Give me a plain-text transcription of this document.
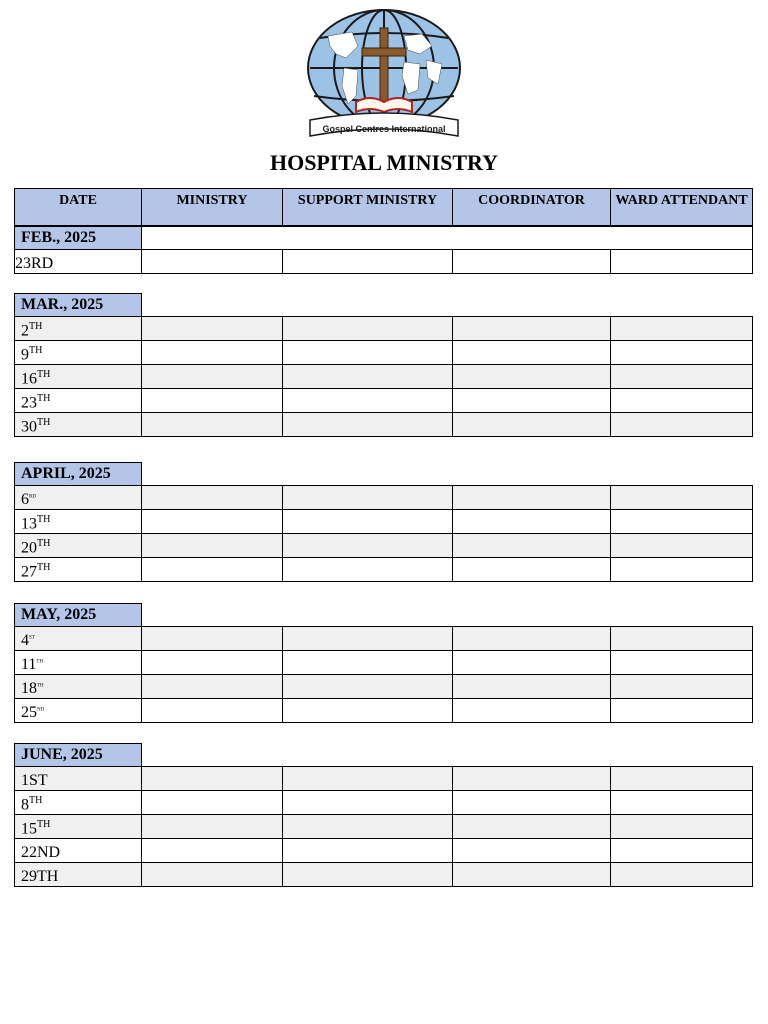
Gospel Centres International
HOSPITAL MINISTRY
DATE	MINISTRY	SUPPORT MINISTRY	COORDINATOR	WARD ATTENDANT
FEB., 2025				
23RD				
MAR., 2025				
2TH				
9TH				
16TH				
23TH				
30TH				
APRIL, 2025				
6RD				
13TH				
20TH				
27TH				
MAY, 2025				
4ST				
11TH				
18TH				
25ND				
JUNE, 2025				
1ST				
8TH				
15TH				
22ND				
29TH				
